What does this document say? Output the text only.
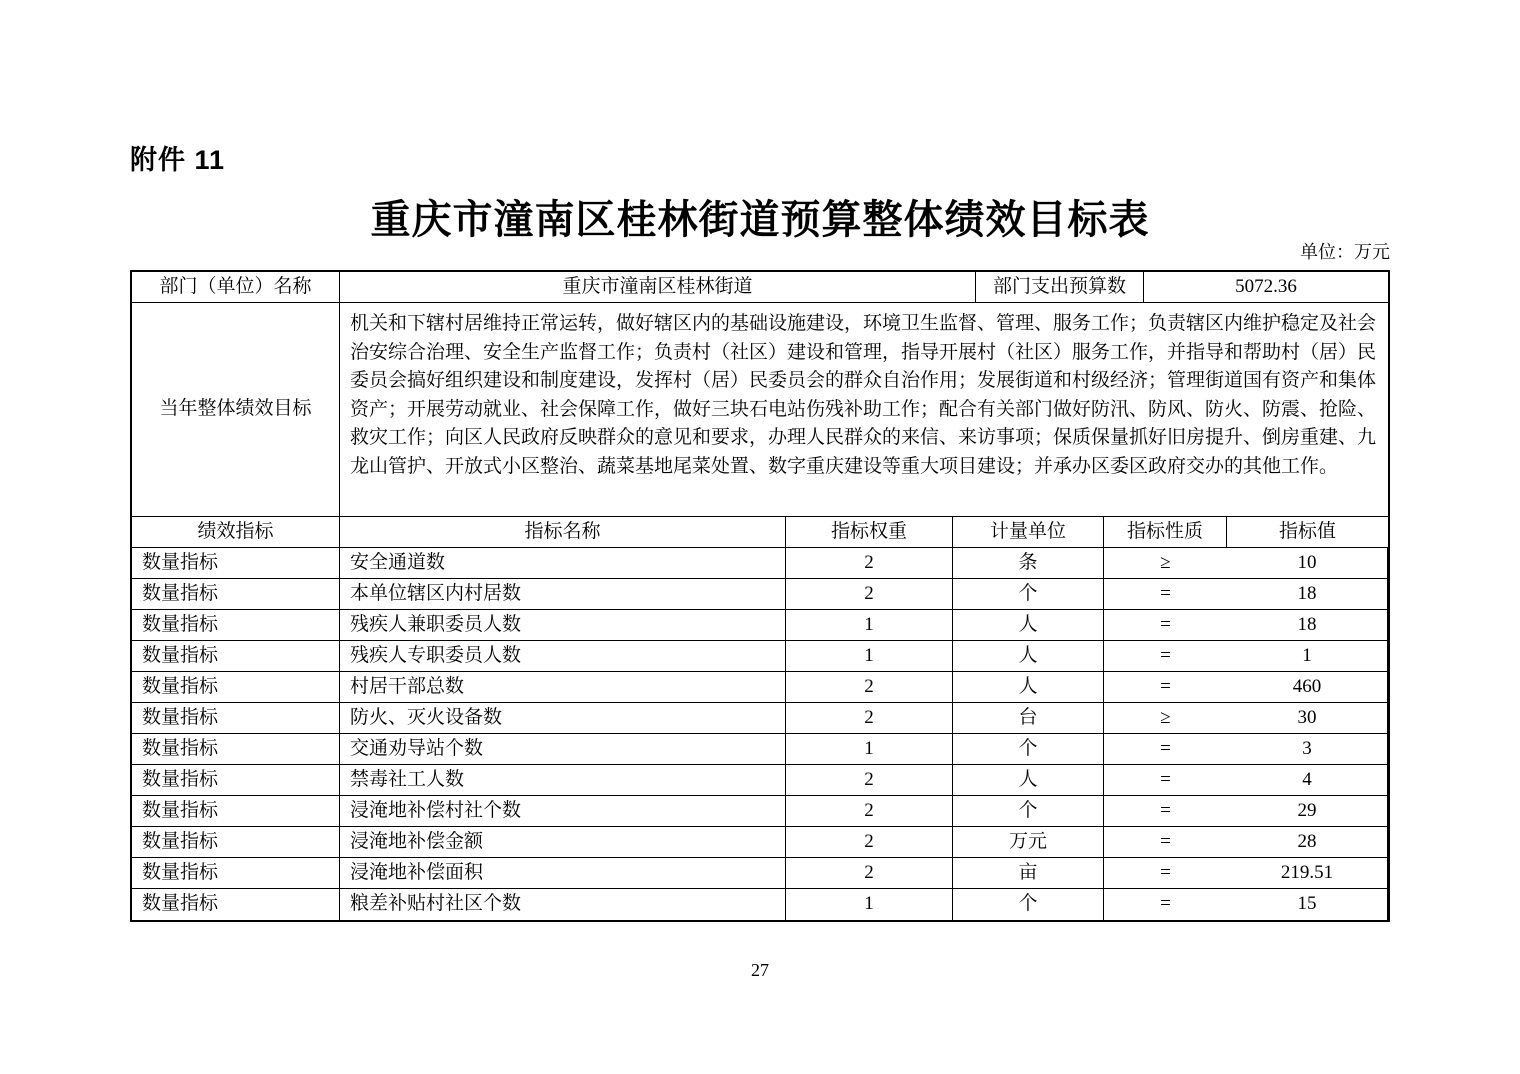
附件 11
重庆市潼南区桂林街道预算整体绩效目标表
单位：万元
部门（单位）名称	重庆市潼南区桂林街道	部门支出预算数	5072.36
当年整体绩效目标
机关和下辖村居维持正常运转，做好辖区内的基础设施建设，环境卫生监督、管理、服务工作；负责辖区内维护稳定及社会治安综合治理、安全生产监督工作；负责村（社区）建设和管理，指导开展村（社区）服务工作，并指导和帮助村（居）民委员会搞好组织建设和制度建设，发挥村（居）民委员会的群众自治作用；发展街道和村级经济；管理街道国有资产和集体资产；开展劳动就业、社会保障工作，做好三块石电站伤残补助工作；配合有关部门做好防汛、防风、防火、防震、抢险、救灾工作；向区人民政府反映群众的意见和要求，办理人民群众的来信、来访事项；保质保量抓好旧房提升、倒房重建、九龙山管护、开放式小区整治、蔬菜基地尾菜处置、数字重庆建设等重大项目建设；并承办区委区政府交办的其他工作。
绩效指标	指标名称	指标权重	计量单位	指标性质	指标值
数量指标	安全通道数	2	条	≥	10
数量指标	本单位辖区内村居数	2	个	=	18
数量指标	残疾人兼职委员人数	1	人	=	18
数量指标	残疾人专职委员人数	1	人	=	1
数量指标	村居干部总数	2	人	=	460
数量指标	防火、灭火设备数	2	台	≥	30
数量指标	交通劝导站个数	1	个	=	3
数量指标	禁毒社工人数	2	人	=	4
数量指标	浸淹地补偿村社个数	2	个	=	29
数量指标	浸淹地补偿金额	2	万元	=	28
数量指标	浸淹地补偿面积	2	亩	=	219.51
数量指标	粮差补贴村社区个数	1	个	=	15
27
